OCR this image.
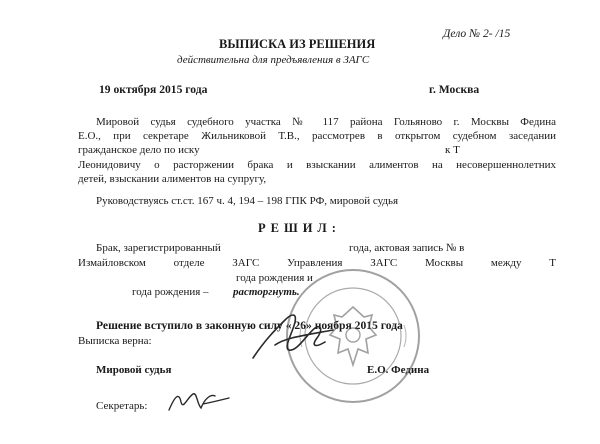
Дело № 2- /15
ВЫПИСКА ИЗ РЕШЕНИЯ
действительна для предъявления в ЗАГС
19 октября 2015 года	г. Москва
Мировой судья судебного участка № 117 района Гольяново г. Москвы Федина
Е.О., при секретаре Жильниковой Т.В., рассмотрев в открытом судебном заседании
гражданское дело по иску	к Т
Леонидовичу о расторжении брака и взыскании алиментов на несовершеннолетних
детей, взыскании алиментов на супругу,
Руководствуясь ст.ст. 167 ч. 4, 194 – 198 ГПК РФ, мировой судья
РЕШИЛ:
Брак, зарегистрированный	года, актовая запись № в
Измайловском отделе ЗАГС Управления ЗАГС Москвы между Т
года рождения и
года рождения – расторгнуть.
Решение вступило в законную силу « 26» ноября 2015 года
Выписка верна:
Мировой судья	Е.О. Федина
Секретарь:
